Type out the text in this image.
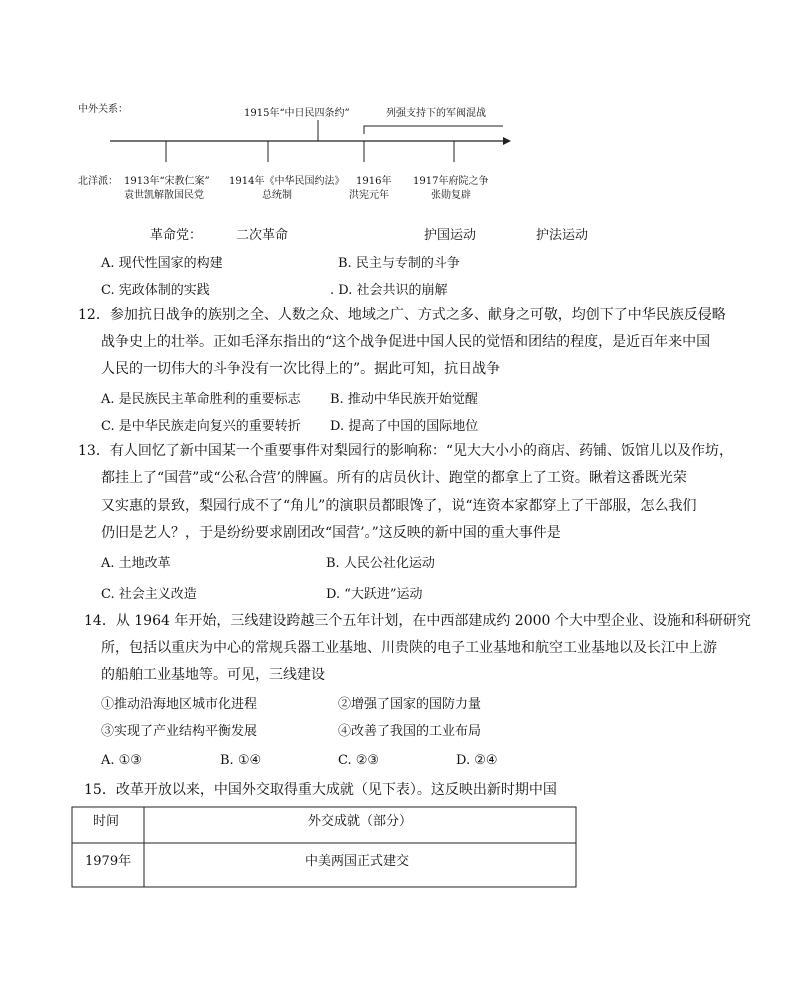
中外关系：	1915年“中日民四条约”	列强支持下的军阀混战
北洋派： 1913年“宋教仁案”
袁世凯解散国民党
1914年《中华民国约法》
总统制
1916年
洪宪元年
1917年府院之争
张勋复辟
革命党：	二次革命	护国运动	护法运动
A. 现代性国家的构建	B. 民主与专制的斗争
C. 宪政体制的实践	. D. 社会共识的崩解
12．参加抗日战争的族别之全、人数之众、地域之广、方式之多、献身之可敬，均创下了中华民族反侵略
战争史上的壮举。正如毛泽东指出的“这个战争促进中国人民的觉悟和团结的程度，是近百年来中国
人民的一切伟大的斗争没有一次比得上的”。据此可知，抗日战争
A. 是民族民主革命胜利的重要标志 B. 推动中华民族开始觉醒
C. 是中华民族走向复兴的重要转折 D. 提高了中国的国际地位
13．有人回忆了新中国某一个重要事件对梨园行的影响称：“见大大小小的商店、药铺、饭馆儿以及作坊，
都挂上了“国营”或“公私合营’的牌匾。所有的店员伙计、跑堂的都拿上了工资。瞅着这番既光荣
又实惠的景致，梨园行成不了“角儿”的演职员都眼馋了，说“连资本家都穿上了干部服，怎么我们
仍旧是艺人？，于是纷纷要求剧团改“国营’。”这反映的新中国的重大事件是
A. 土地改革	B. 人民公社化运动
C. 社会主义改造	D. “大跃进”运动
14．从 1964 年开始，三线建设跨越三个五年计划，在中西部建成约 2000 个大中型企业、设施和科研研究
所，包括以重庆为中心的常规兵器工业基地、川贵陕的电子工业基地和航空工业基地以及长江中上游
的船舶工业基地等。可见，三线建设
①推动沿海地区城市化进程	②增强了国家的国防力量
③实现了产业结构平衡发展	④改善了我国的工业布局
A. ①③	B. ①④	C. ②③	D. ②④
15．改革开放以来，中国外交取得重大成就（见下表）。这反映出新时期中国
时间	外交成就（部分）
1979年	中美两国正式建交
